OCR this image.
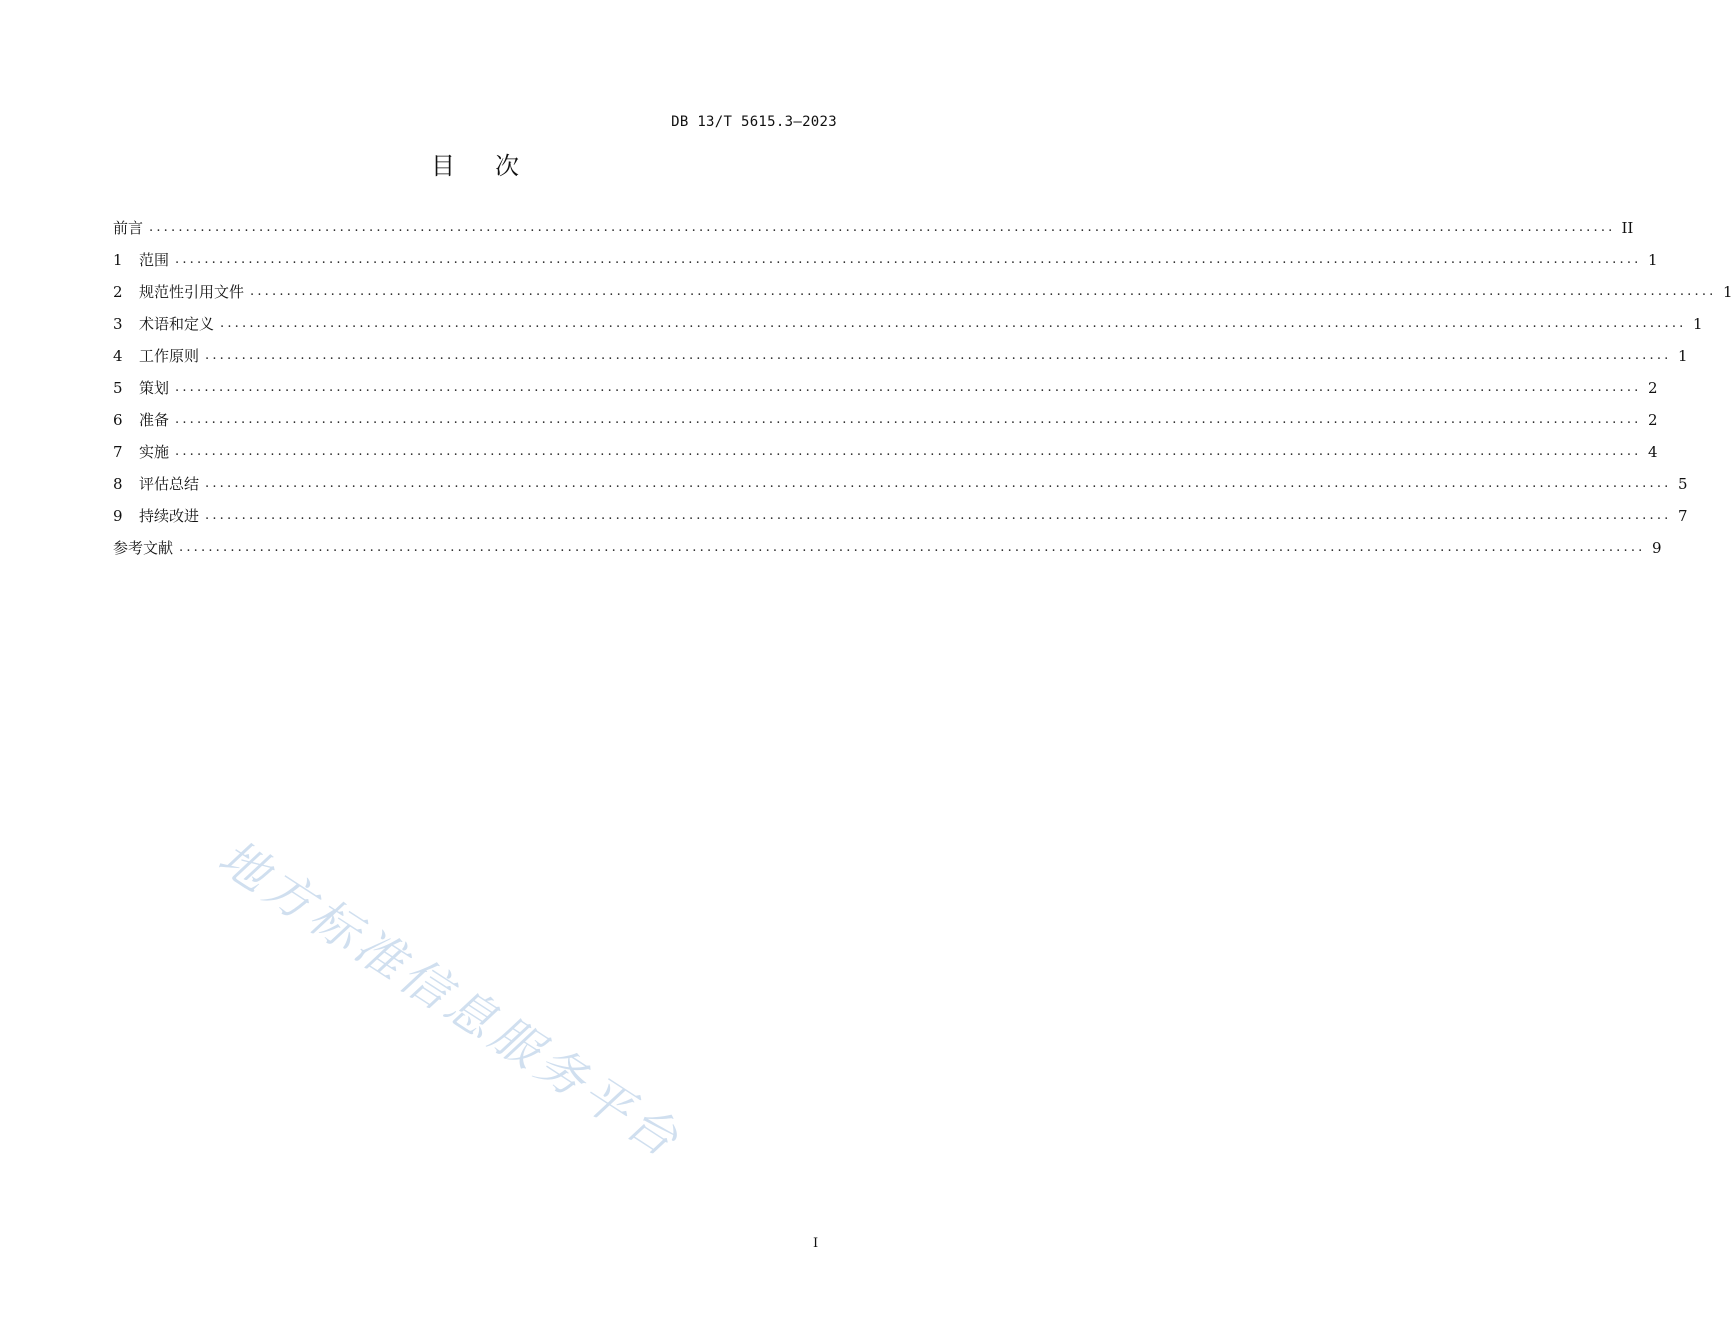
DB 13/T 5615.3—2023
目次
前言 ........................................................................................................................................................................................................ II
1	范围 ........................................................................................................................................................................................................ 1
2	规范性引用文件 ........................................................................................................................................................................................................ 1
3	术语和定义 ........................................................................................................................................................................................................ 1
4	工作原则 ........................................................................................................................................................................................................ 1
5	策划 ........................................................................................................................................................................................................ 2
6	准备 ........................................................................................................................................................................................................ 2
7	实施 ........................................................................................................................................................................................................ 4
8	评估总结 ........................................................................................................................................................................................................ 5
9	持续改进 ........................................................................................................................................................................................................ 7
参考文献 ........................................................................................................................................................................................................ 9
地方标准信息服务平台
I
